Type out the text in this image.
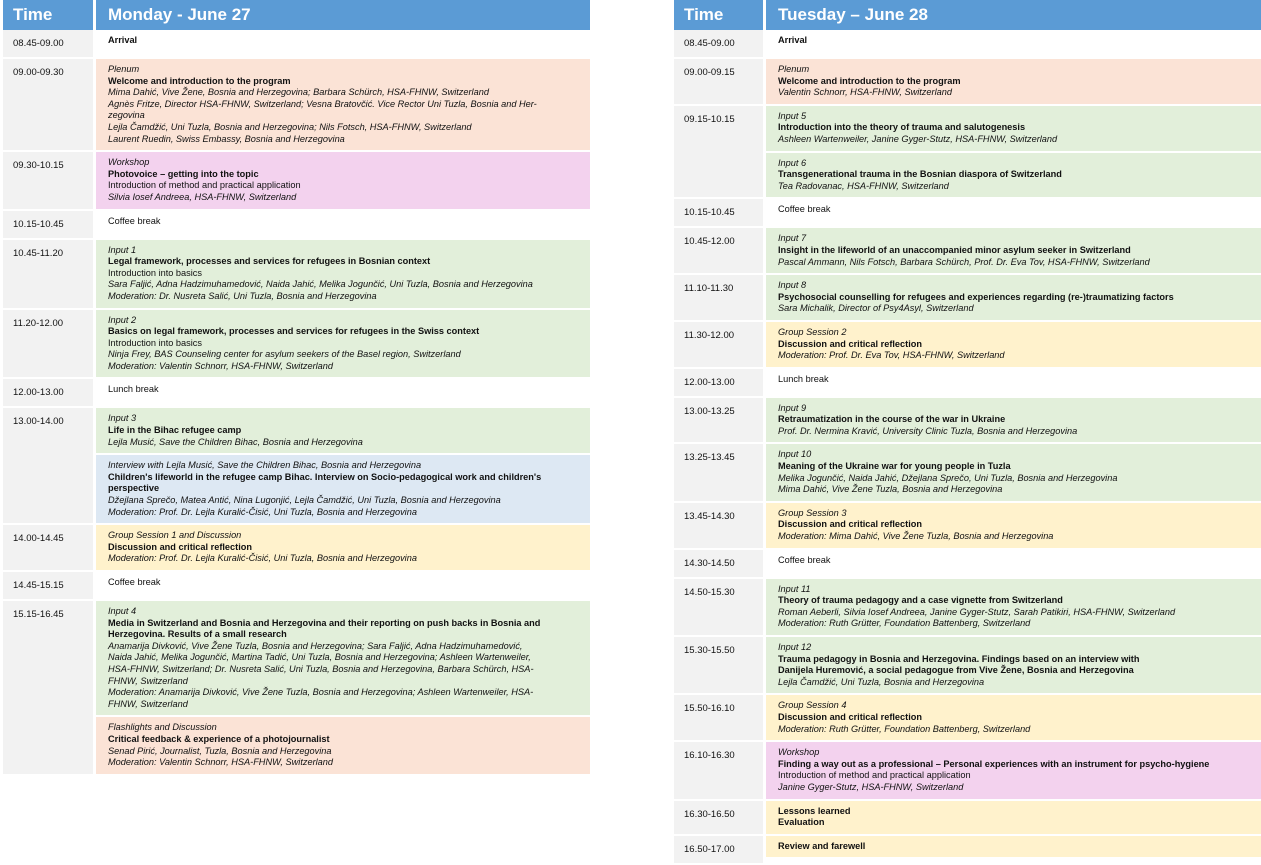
Time	Monday - June 27
08.45-09.00	Arrival
09.00-09.30	Plenum
Welcome and introduction to the program
Mima Dahić, Vive Žene, Bosnia and Herzegovina; Barbara Schürch, HSA-FHNW, Switzerland
Agnès Fritze, Director HSA-FHNW, Switzerland; Vesna Bratovčić. Vice Rector Uni Tuzla, Bosnia and Her-
zegovina
Lejla Čamdžić, Uni Tuzla, Bosnia and Herzegovina; Nils Fotsch, HSA-FHNW, Switzerland
Laurent Ruedin, Swiss Embassy, Bosnia and Herzegovina
09.30-10.15	Workshop
Photovoice – getting into the topic
Introduction of method and practical application
Silvia Iosef Andreea, HSA-FHNW, Switzerland
10.15-10.45	Coffee break
10.45-11.20	Input 1
Legal framework, processes and services for refugees in Bosnian context
Introduction into basics
Sara Faljić, Adna Hadzimuhamedović, Naida Jahić, Melika Jogunčić, Uni Tuzla, Bosnia and Herzegovina
Moderation: Dr. Nusreta Salić, Uni Tuzla, Bosnia and Herzegovina
11.20-12.00	Input 2
Basics on legal framework, processes and services for refugees in the Swiss context
Introduction into basics
Ninja Frey, BAS Counseling center for asylum seekers of the Basel region, Switzerland
Moderation: Valentin Schnorr, HSA-FHNW, Switzerland
12.00-13.00	Lunch break
13.00-14.00	Input 3
Life in the Bihac refugee camp
Lejla Musić, Save the Children Bihac, Bosnia and Herzegovina
Interview with Lejla Musić, Save the Children Bihac, Bosnia and Herzegovina
Children's lifeworld in the refugee camp Bihac. Interview on Socio-pedagogical work and children's
perspective
Džejlana Sprečo, Matea Antić, Nina Lugonjić, Lejla Čamdžić, Uni Tuzla, Bosnia and Herzegovina
Moderation: Prof. Dr. Lejla Kuralić-Čisić, Uni Tuzla, Bosnia and Herzegovina
14.00-14.45	Group Session 1 and Discussion
Discussion and critical reflection
Moderation: Prof. Dr. Lejla Kuralić-Čisić, Uni Tuzla, Bosnia and Herzegovina
14.45-15.15	Coffee break
15.15-16.45	Input 4
Media in Switzerland and Bosnia and Herzegovina and their reporting on push backs in Bosnia and
Herzegovina. Results of a small research
Anamarija Divković, Vive Žene Tuzla, Bosnia and Herzegovina; Sara Faljić, Adna Hadzimuhamedović,
Naida Jahić, Melika Jogunčić, Martina Tadić, Uni Tuzla, Bosnia and Herzegovina; Ashleen Wartenweiler,
HSA-FHNW, Switzerland; Dr. Nusreta Salić, Uni Tuzla, Bosnia and Herzegovina, Barbara Schürch, HSA-
FHNW, Switzerland
Moderation: Anamarija Divković, Vive Žene Tuzla, Bosnia and Herzegovina; Ashleen Wartenweiler, HSA-
FHNW, Switzerland
Flashlights and Discussion
Critical feedback & experience of a photojournalist
Senad Pirić, Journalist, Tuzla, Bosnia and Herzegovina
Moderation: Valentin Schnorr, HSA-FHNW, Switzerland
Time	Tuesday – June 28
08.45-09.00	Arrival
09.00-09.15	Plenum
Welcome and introduction to the program
Valentin Schnorr, HSA-FHNW, Switzerland
09.15-10.15	Input 5
Introduction into the theory of trauma and salutogenesis
Ashleen Wartenweiler, Janine Gyger-Stutz, HSA-FHNW, Switzerland
Input 6
Transgenerational trauma in the Bosnian diaspora of Switzerland
Tea Radovanac, HSA-FHNW, Switzerland
10.15-10.45	Coffee break
10.45-12.00	Input 7
Insight in the lifeworld of an unaccompanied minor asylum seeker in Switzerland
Pascal Ammann, Nils Fotsch, Barbara Schürch, Prof. Dr. Eva Tov, HSA-FHNW, Switzerland
11.10-11.30	Input 8
Psychosocial counselling for refugees and experiences regarding (re-)traumatizing factors
Sara Michalik, Director of Psy4Asyl, Switzerland
11.30-12.00	Group Session 2
Discussion and critical reflection
Moderation: Prof. Dr. Eva Tov, HSA-FHNW, Switzerland
12.00-13.00	Lunch break
13.00-13.25	Input 9
Retraumatization in the course of the war in Ukraine
Prof. Dr. Nermina Kravić, University Clinic Tuzla, Bosnia and Herzegovina
13.25-13.45	Input 10
Meaning of the Ukraine war for young people in Tuzla
Melika Jogunčić, Naida Jahić, Džejlana Sprečo, Uni Tuzla, Bosnia and Herzegovina
Mima Dahić, Vive Žene Tuzla, Bosnia and Herzegovina
13.45-14.30	Group Session 3
Discussion and critical reflection
Moderation: Mima Dahić, Vive Žene Tuzla, Bosnia and Herzegovina
14.30-14.50	Coffee break
14.50-15.30	Input 11
Theory of trauma pedagogy and a case vignette from Switzerland
Roman Aeberli, Silvia Iosef Andreea, Janine Gyger-Stutz, Sarah Patikiri, HSA-FHNW, Switzerland
Moderation: Ruth Grütter, Foundation Battenberg, Switzerland
15.30-15.50	Input 12
Trauma pedagogy in Bosnia and Herzegovina. Findings based on an interview with
Danijela Huremović, a social pedagogue from Vive Žene, Bosnia and Herzegovina
Lejla Čamdžić, Uni Tuzla, Bosnia and Herzegovina
15.50-16.10	Group Session 4
Discussion and critical reflection
Moderation: Ruth Grütter, Foundation Battenberg, Switzerland
16.10-16.30	Workshop
Finding a way out as a professional – Personal experiences with an instrument for psycho-hygiene
Introduction of method and practical application
Janine Gyger-Stutz, HSA-FHNW, Switzerland
16.30-16.50	Lessons learned
Evaluation
16.50-17.00	Review and farewell
